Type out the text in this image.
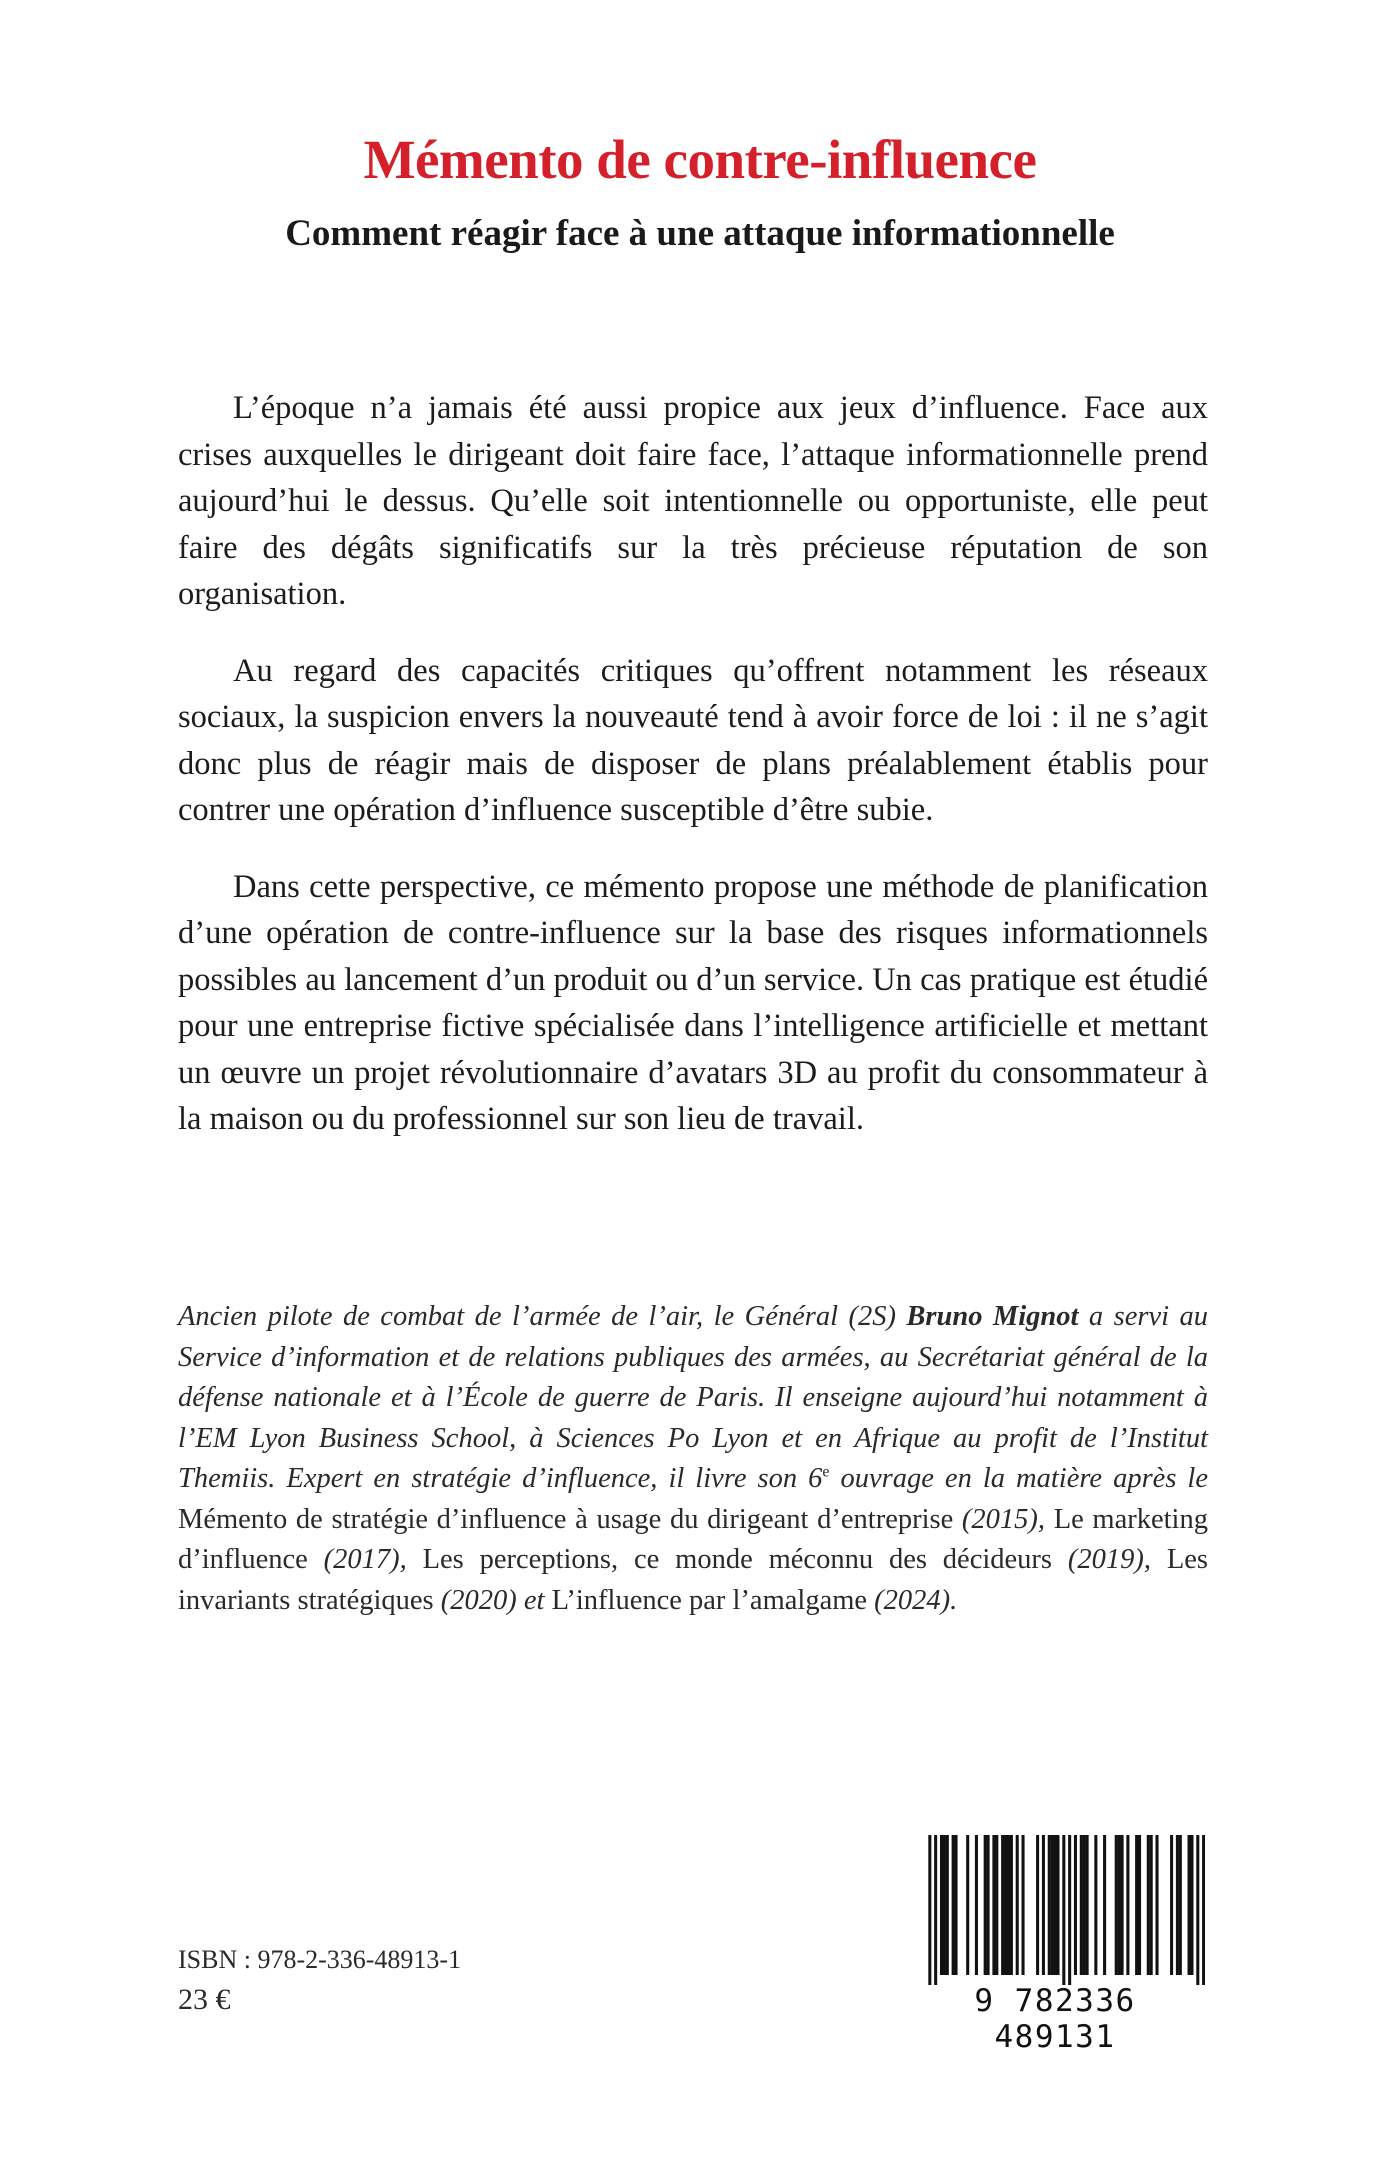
Mémento de contre-influence
Comment réagir face à une attaque informationnelle

L’époque n’a jamais été aussi propice aux jeux d’influence. Face aux crises auxquelles le dirigeant doit faire face, l’attaque informationnelle prend aujourd’hui le dessus. Qu’elle soit intentionnelle ou opportuniste, elle peut faire des dégâts significatifs sur la très précieuse réputation de son organisation.

Au regard des capacités critiques qu’offrent notamment les réseaux sociaux, la suspicion envers la nouveauté tend à avoir force de loi : il ne s’agit donc plus de réagir mais de disposer de plans préalablement établis pour contrer une opération d’influence susceptible d’être subie.

Dans cette perspective, ce mémento propose une méthode de planification d’une opération de contre-influence sur la base des risques informationnels possibles au lancement d’un produit ou d’un service. Un cas pratique est étudié pour une entreprise fictive spécialisée dans l’intelligence artificielle et mettant un œuvre un projet révolutionnaire d’avatars 3D au profit du consommateur à la maison ou du professionnel sur son lieu de travail.

Ancien pilote de combat de l’armée de l’air, le Général (2S) Bruno Mignot a servi au Service d’information et de relations publiques des armées, au Secrétariat général de la défense nationale et à l’École de guerre de Paris. Il enseigne aujourd’hui notamment à l’EM Lyon Business School, à Sciences Po Lyon et en Afrique au profit de l’Institut Themiis. Expert en stratégie d’influence, il livre son 6e ouvrage en la matière après le Mémento de stratégie d’influence à usage du dirigeant d’entreprise (2015), Le marketing d’influence (2017), Les perceptions, ce monde méconnu des décideurs (2019), Les invariants stratégiques (2020) et L’influence par l’amalgame (2024).
ISBN : 978-2-336-48913-1
23 €	9 782336 489131
